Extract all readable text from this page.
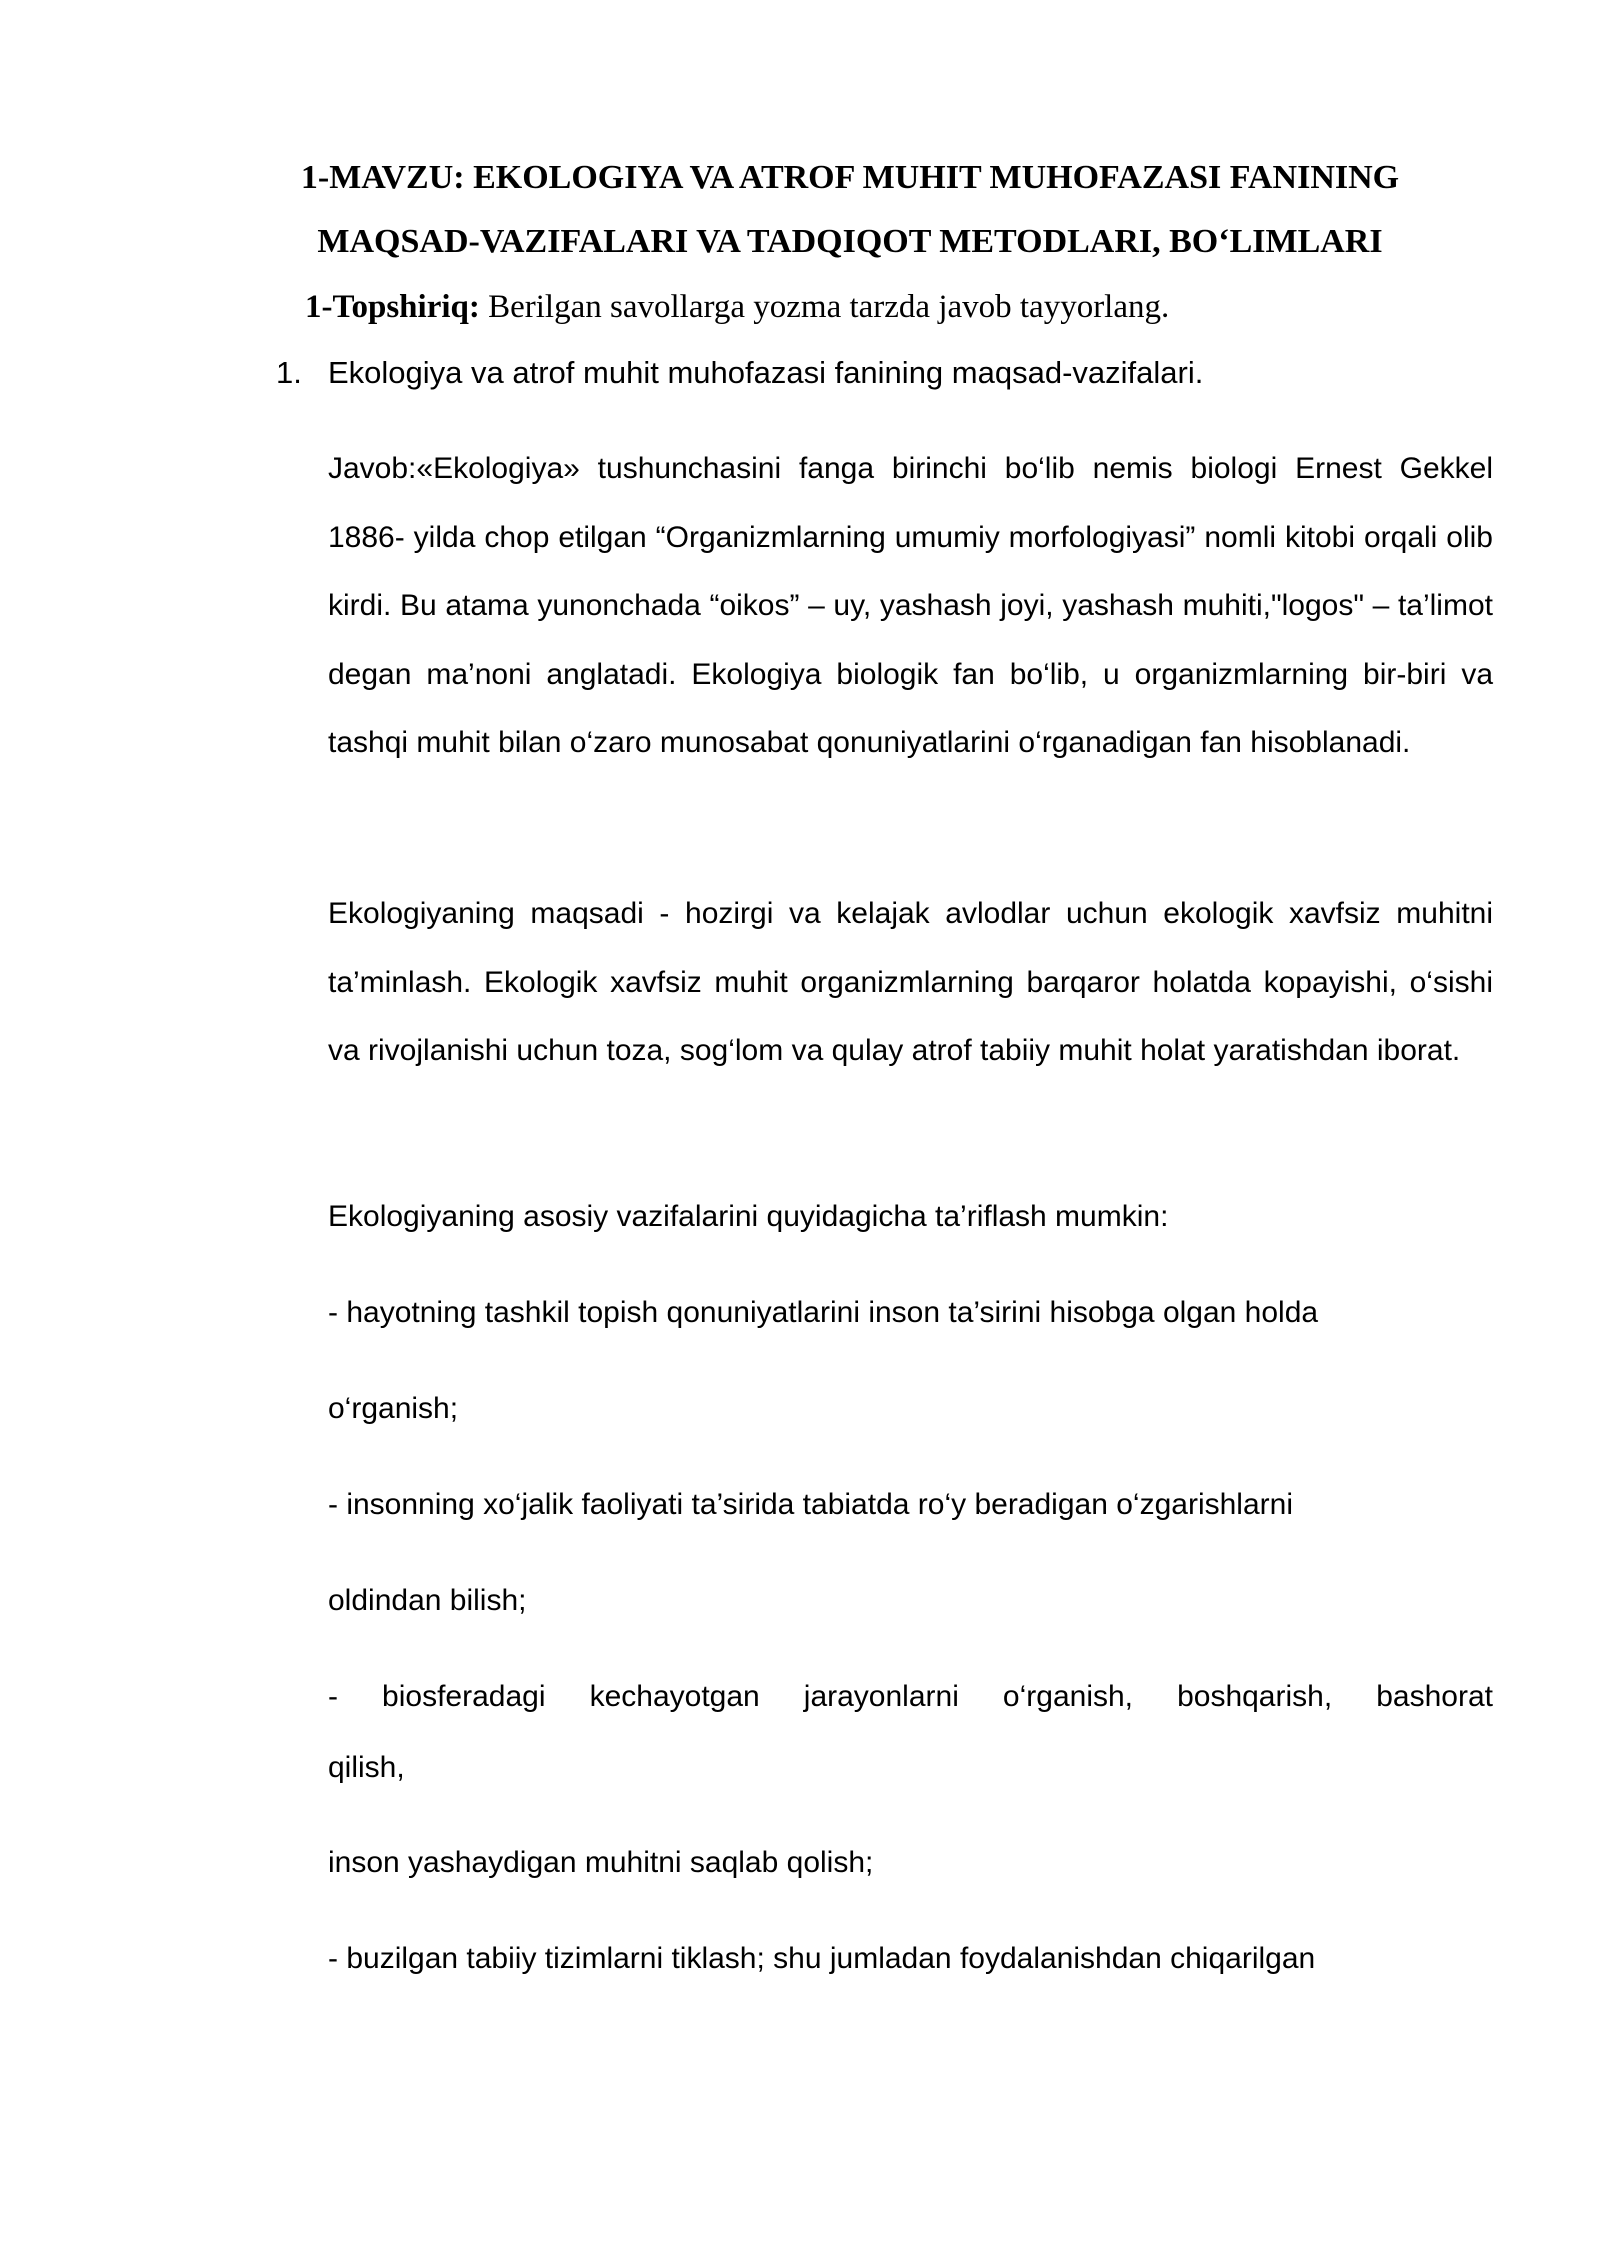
1-MAVZU: EKOLOGIYA VA ATROF MUHIT MUHOFAZASI FANINING
MAQSAD-VAZIFALARI VA TADQIQOT METODLARI, BO‘LIMLARI
1-Topshiriq: Berilgan savollarga yozma tarzda javob tayyorlang.
1. Ekologiya va atrof muhit muhofazasi fanining maqsad-vazifalari.
Javob:«Ekologiya» tushunchasini fanga birinchi bo‘lib nemis biologi Ernest Gekkel 1886- yilda chop etilgan “Organizmlarning umumiy morfologiyasi” nomli kitobi orqali olib kirdi. Bu atama yunonchada “oikos” – uy, yashash joyi, yashash muhiti,"logos" – ta’limot degan ma’noni anglatadi. Ekologiya biologik fan bo‘lib, u organizmlarning bir-biri va tashqi muhit bilan o‘zaro munosabat qonuniyatlarini o‘rganadigan fan hisoblanadi.
Ekologiyaning maqsadi - hozirgi va kelajak avlodlar uchun ekologik xavfsiz muhitni ta’minlash. Ekologik xavfsiz muhit organizmlarning barqaror holatda kopayishi, o‘sishi va rivojlanishi uchun toza, sog‘lom va qulay atrof tabiiy muhit holat yaratishdan iborat.
Ekologiyaning asosiy vazifalarini quyidagicha ta’riflash mumkin:
- hayotning tashkil topish qonuniyatlarini inson ta’sirini hisobga olgan holda
o‘rganish;
- insonning xo‘jalik faoliyati ta’sirida tabiatda ro‘y beradigan o‘zgarishlarni
oldindan bilish;
- biosferadagi kechayotgan jarayonlarni o‘rganish, boshqarish, bashorat
qilish,
inson yashaydigan muhitni saqlab qolish;
- buzilgan tabiiy tizimlarni tiklash; shu jumladan foydalanishdan chiqarilgan
